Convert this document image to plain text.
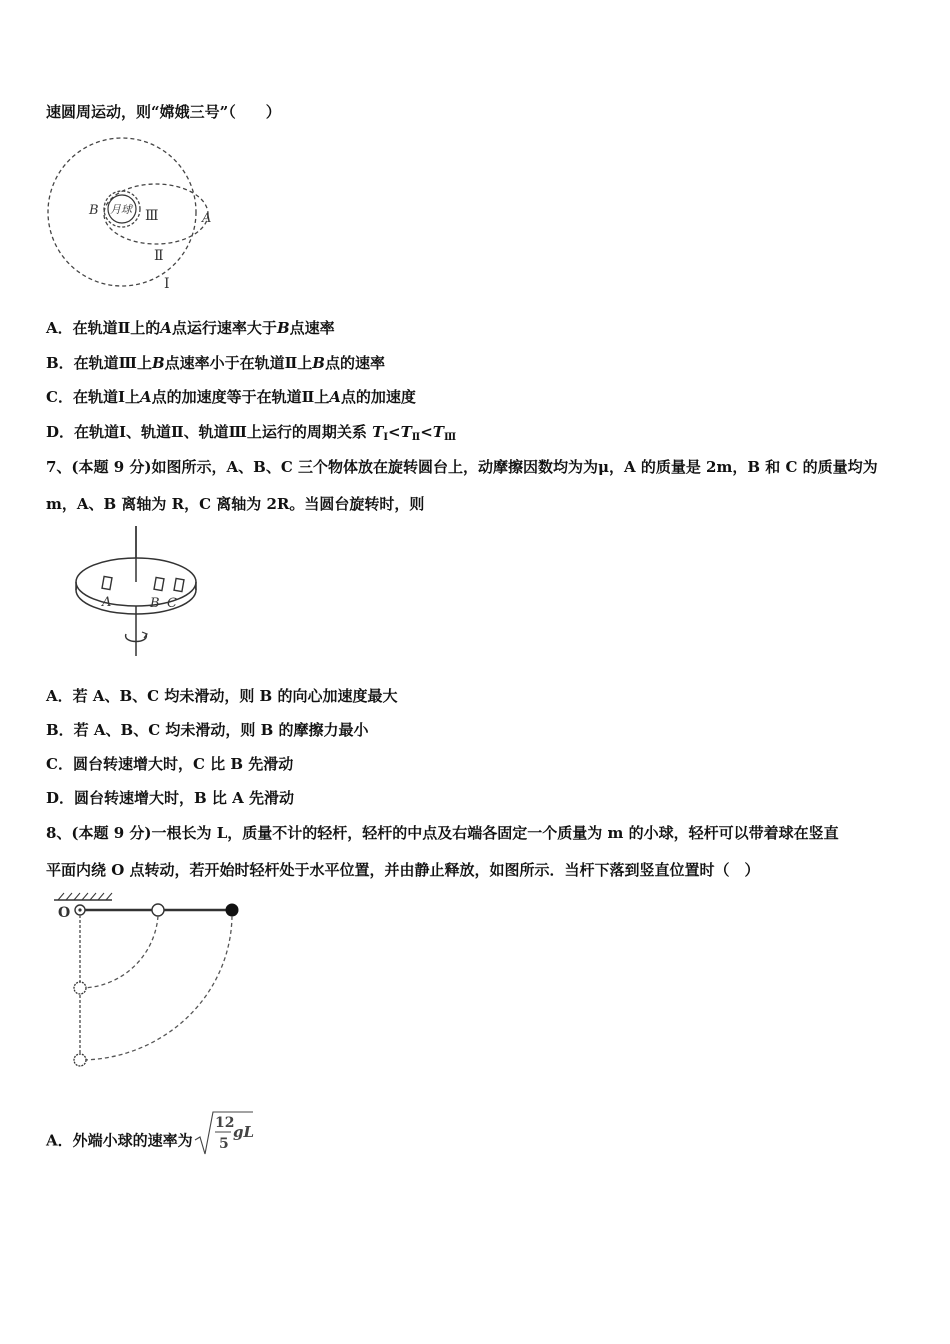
速圆周运动，则“嫦娥三号”（　　）
月球
B
A
Ⅲ
Ⅱ
Ⅰ
A．在轨道Ⅱ上的A点运行速率大于B点速率
B．在轨道Ⅲ上B点速率小于在轨道Ⅱ上B点的速率
C．在轨道Ⅰ上A点的加速度等于在轨道Ⅱ上A点的加速度
D．在轨道Ⅰ、轨道Ⅱ、轨道Ⅲ上运行的周期关系 $T_Ⅰ<T_Ⅱ<T_Ⅲ$
7、(本题 9 分)如图所示，A、B、C 三个物体放在旋转圆台上，动摩擦因数均为为μ，A 的质量是 2m，B 和 C 的质量均为
m，A、B 离轴为 R，C 离轴为 2R。当圆台旋转时，则
A	B C
A．若 A、B、C 均未滑动，则 B 的向心加速度最大
B．若 A、B、C 均未滑动，则 B 的摩擦力最小
C．圆台转速增大时，C 比 B 先滑动
D．圆台转速增大时，B 比 A 先滑动
8、(本题 9 分)一根长为 L，质量不计的轻杆，轻杆的中点及右端各固定一个质量为 m 的小球，轻杆可以带着球在竖直
平面内绕 O 点转动，若开始时轻杆处于水平位置，并由静止释放，如图所示．当杆下落到竖直位置时（　）
O
A．外端小球的速率为
12
5
gL
